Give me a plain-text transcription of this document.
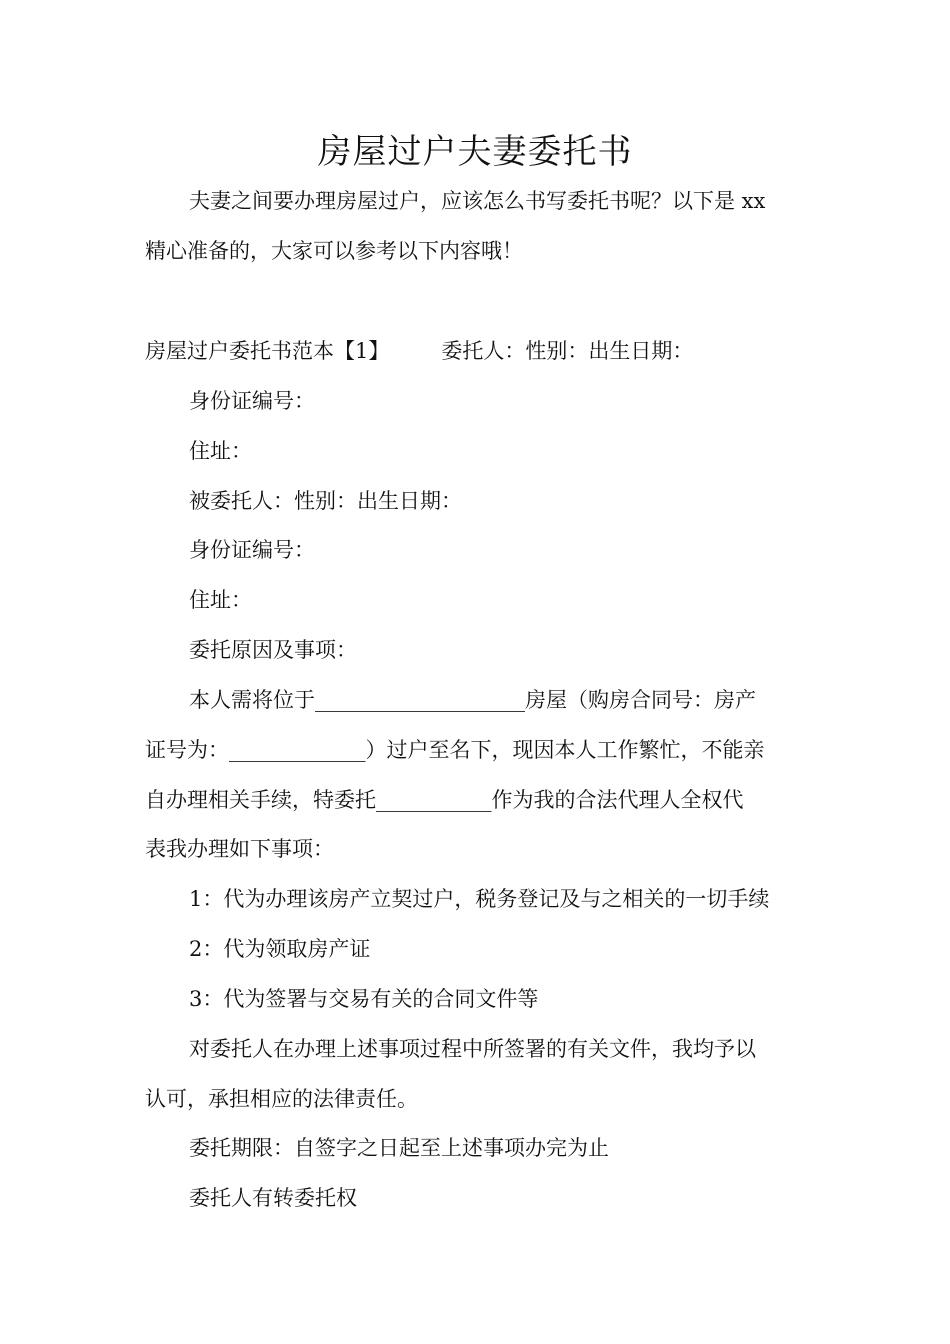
房屋过户夫妻委托书

夫妻之间要办理房屋过户，应该怎么书写委托书呢？以下是 xx

精心准备的，大家可以参考以下内容哦！

房屋过户委托书范本【1】 委托人：性别：出生日期：

身份证编号：

住址：

被委托人：性别：出生日期：

身份证编号：

住址：

委托原因及事项：

本人需将位于____________________房屋（购房合同号：房产

证号为：_____________）过户至名下，现因本人工作繁忙，不能亲

自办理相关手续，特委托___________作为我的合法代理人全权代

表我办理如下事项：

1：代为办理该房产立契过户，税务登记及与之相关的一切手续

2：代为领取房产证

3：代为签署与交易有关的合同文件等

对委托人在办理上述事项过程中所签署的有关文件，我均予以

认可，承担相应的法律责任。

委托期限：自签字之日起至上述事项办完为止

委托人有转委托权
